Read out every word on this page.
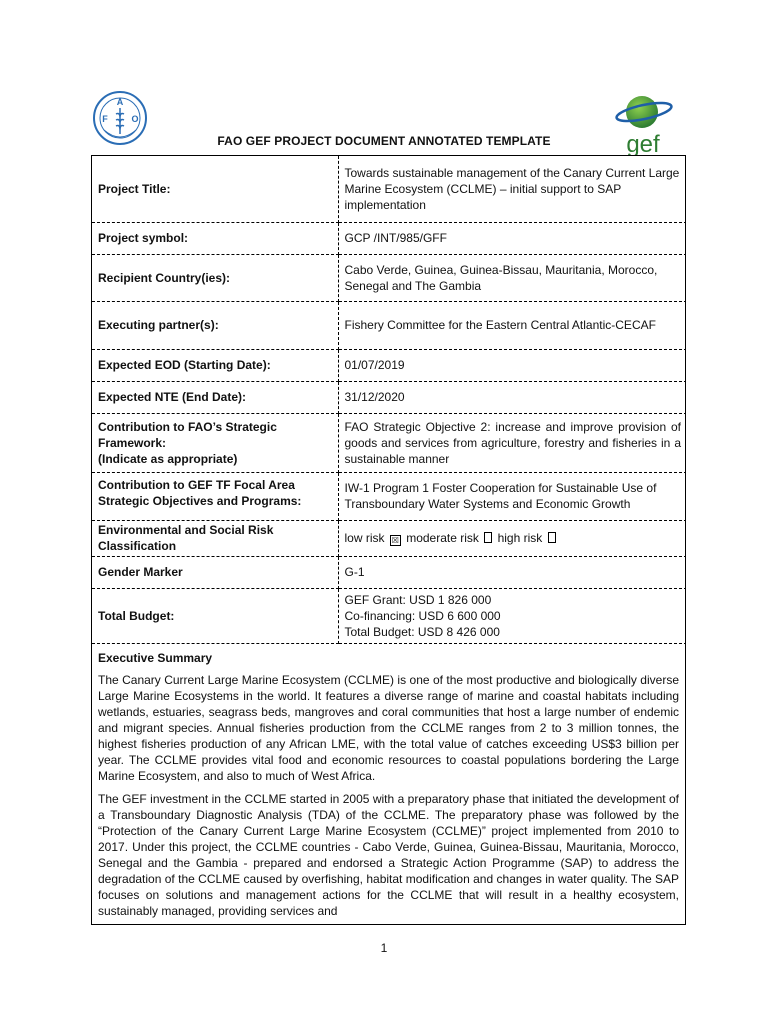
A
F	O
gef
FAO GEF PROJECT DOCUMENT ANNOTATED TEMPLATE
Project Title:	Towards sustainable management of the Canary Current Large Marine Ecosystem (CCLME) – initial support to SAP implementation
Project symbol:	GCP /INT/985/GFF
Recipient Country(ies):	Cabo Verde, Guinea, Guinea-Bissau, Mauritania, Morocco, Senegal and The Gambia
Executing partner(s):	Fishery Committee for the Eastern Central Atlantic-CECAF
Expected EOD (Starting Date):	01/07/2019
Expected NTE (End Date):	31/12/2020

Contribution to FAO’s Strategic
Framework:
(Indicate as appropriate)	FAO Strategic Objective 2: increase and improve provision of goods and services from agriculture, forestry and fisheries in a sustainable manner
Contribution to GEF TF Focal Area Strategic Objectives and Programs:	IW-1 Program 1 Foster Cooperation for Sustainable Use of Transboundary Water Systems and Economic Growth
Environmental and Social Risk Classification	low risk ☒ moderate risk high risk
Gender Marker	G-1
Total Budget:	GEF Grant: USD 1 826 000
Co-financing: USD 6 600 000
Total Budget: USD 8 426 000
Executive Summary

The Canary Current Large Marine Ecosystem (CCLME) is one of the most productive and biologically diverse Large Marine Ecosystems in the world. It features a diverse range of marine and coastal habitats including wetlands, estuaries, seagrass beds, mangroves and coral communities that host a large number of endemic and migrant species. Annual fisheries production from the CCLME ranges from 2 to 3 million tonnes, the highest fisheries production of any African LME, with the total value of catches exceeding US$3 billion per year. The CCLME provides vital food and economic resources to coastal populations bordering the Large Marine Ecosystem, and also to much of West Africa.

The GEF investment in the CCLME started in 2005 with a preparatory phase that initiated the development of a Transboundary Diagnostic Analysis (TDA) of the CCLME. The preparatory phase was followed by the “Protection of the Canary Current Large Marine Ecosystem (CCLME)” project implemented from 2010 to 2017. Under this project, the CCLME countries - Cabo Verde, Guinea, Guinea-Bissau, Mauritania, Morocco, Senegal and the Gambia - prepared and endorsed a Strategic Action Programme (SAP) to address the degradation of the CCLME caused by overfishing, habitat modification and changes in water quality. The SAP focuses on solutions and management actions for the CCLME that will result in a healthy ecosystem, sustainably managed, providing services and

1
